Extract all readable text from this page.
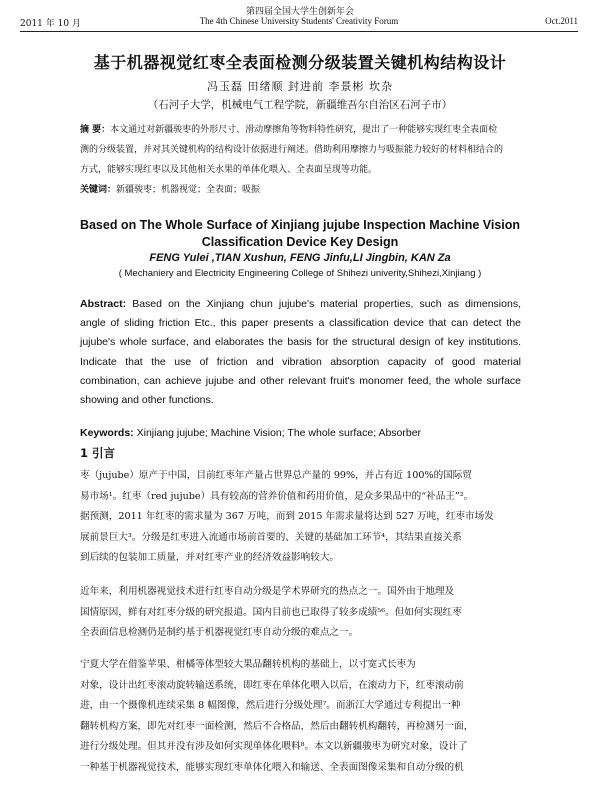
第四届全国大学生创新年会
2011 年 10 月	The 4th Chinese University Students' Creativity Forum	Oct.2011
基于机器视觉红枣全表面检测分级装置关键机构结构设计
冯玉磊 田绪顺 封进前 李景彬 坎杂
（石河子大学，机械电气工程学院，新疆维吾尔自治区石河子市）
摘 要：本文通过对新疆骏枣的外形尺寸、滑动摩擦角等物料特性研究，提出了一种能够实现红枣全表面检
测的分级装置，并对其关键机构的结构设计依据进行阐述。借助利用摩擦力与吸振能力较好的材料相结合的
方式，能够实现红枣以及其他相关水果的单体化喂入、全表面呈现等功能。
关键词：新疆骏枣；机器视觉；全表面；吸振
Based on The Whole Surface of Xinjiang jujube Inspection Machine Vision
Classification Device Key Design
FENG Yulei ,TIAN Xushun, FENG Jinfu,LI Jingbin, KAN Za
( Mechaniery and Electricity Engineering College of Shihezi univerity,Shihezi,Xinjiang )
Abstract: Based on the Xinjiang chun jujube's material properties, such as dimensions,
angle of sliding friction Etc., this paper presents a classification device that can detect the
jujube's whole surface, and elaborates the basis for the structural design of key institutions.
Indicate that the use of friction and vibration absorption capacity of good material
combination, can achieve jujube and other relevant fruit's monomer feed, the whole surface
showing and other functions.
Keywords: Xinjiang jujube; Machine Vision; The whole surface; Absorber
1 引言
枣（jujube）原产于中国，目前红枣年产量占世界总产量的 99%，并占有近 100%的国际贸
易市场¹。红枣（red jujube）具有较高的营养价值和药用价值，是众多果品中的“补品王”²。
据预测，2011 年红枣的需求量为 367 万吨，而到 2015 年需求量将达到 527 万吨，红枣市场发
展前景巨大³。分级是红枣进入流通市场前首要的、关键的基础加工环节⁴，其结果直接关系
到后续的包装加工质量，并对红枣产业的经济效益影响较大。
近年来，利用机器视觉技术进行红枣自动分级是学术界研究的热点之一。国外由于地理及
国情原因，鲜有对红枣分级的研究报道。国内目前也已取得了较多成绩⁵⁶。但如何实现红枣
全表面信息检测仍是制约基于机器视觉红枣自动分级的难点之一。
宁夏大学在借鉴苹果、柑橘等体型较大果品翻转机构的基础上，以寸宽式长枣为
对象，设计出红枣滚动旋转输送系统，即红枣在单体化喂入以后，在滚动力下，红枣滚动前
进，由一个摄像机连续采集 8 幅图像，然后进行分级处理⁷。而浙江大学通过专利提出一种
翻转机构方案，即先对红枣一面检测，然后不合格品，然后由翻转机构翻转，再检测另一面，
进行分级处理。但其并没有涉及如何实现单体化喂料⁸。本文以新疆骏枣为研究对象，设计了
一种基于机器视觉技术，能够实现红枣单体化喂入和输送、全表面图像采集和自动分级的机
